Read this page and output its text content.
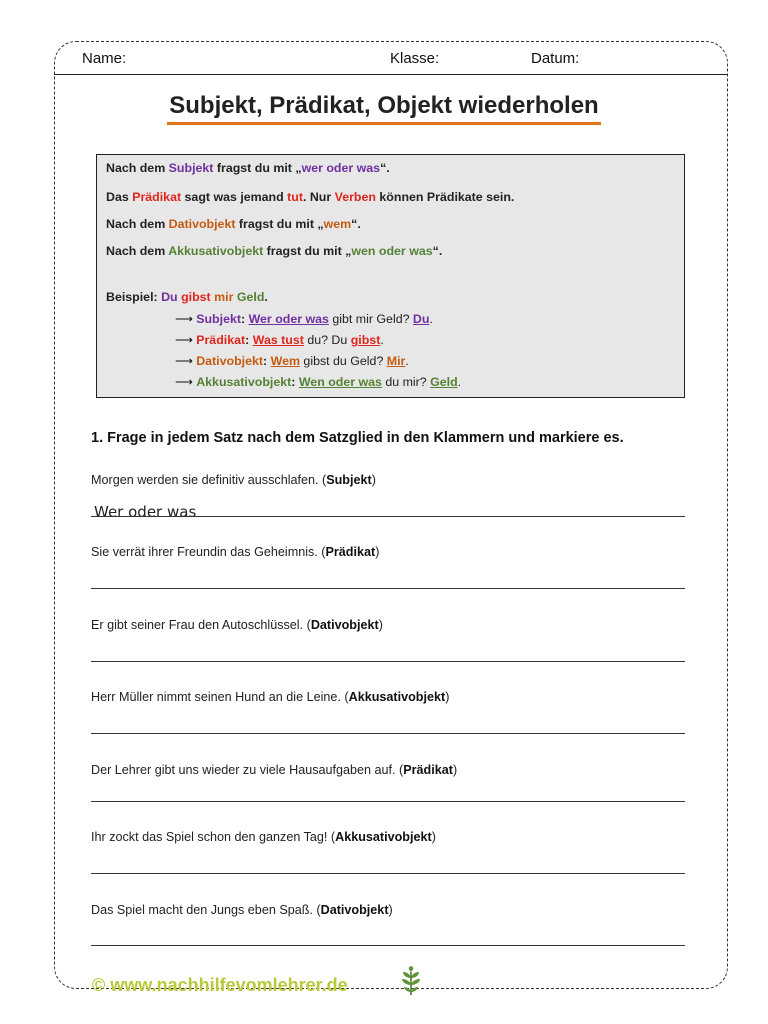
Name:	Klasse:	Datum:
Subjekt, Prädikat, Objekt wiederholen
Nach dem Subjekt fragst du mit „wer oder was“.
Das Prädikat sagt was jemand tut. Nur Verben können Prädikate sein.
Nach dem Dativobjekt fragst du mit „wem“.
Nach dem Akkusativobjekt fragst du mit „wen oder was“.
Beispiel: Du gibst mir Geld.
⟶ Subjekt: Wer oder was gibt mir Geld? Du.
⟶ Prädikat: Was tust du? Du gibst.
⟶ Dativobjekt: Wem gibst du Geld? Mir.
⟶ Akkusativobjekt: Wen oder was du mir? Geld.
1. Frage in jedem Satz nach dem Satzglied in den Klammern und markiere es.
Morgen werden sie definitiv ausschlafen. (Subjekt)
Wer oder was
Sie verrät ihrer Freundin das Geheimnis. (Prädikat)
Er gibt seiner Frau den Autoschlüssel. (Dativobjekt)
Herr Müller nimmt seinen Hund an die Leine. (Akkusativobjekt)
Der Lehrer gibt uns wieder zu viele Hausaufgaben auf. (Prädikat)
Ihr zockt das Spiel schon den ganzen Tag! (Akkusativobjekt)
Das Spiel macht den Jungs eben Spaß. (Dativobjekt)
© www.nachhilfevomlehrer.de
